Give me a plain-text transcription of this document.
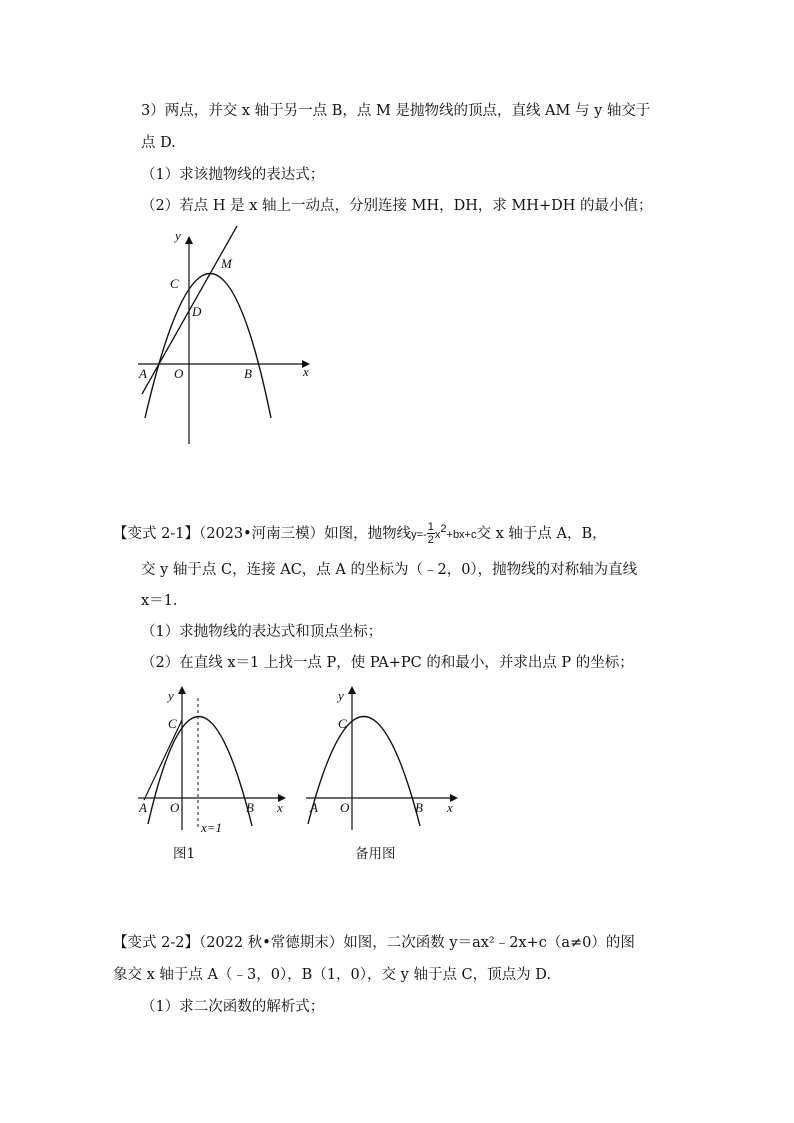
3）两点，并交 x 轴于另一点 B，点 M 是抛物线的顶点，直线 AM 与 y 轴交于
点 D.
（1）求该抛物线的表达式；
（2）若点 H 是 x 轴上一动点，分别连接 MH，DH，求 MH+DH 的最小值；
y
x
C
M
D
A O	B
【变式 2-1】（2023•河南三模）如图，抛物线$y=- \frac{1}{2} x^2+bx+c$交 x 轴于点 A，B，
交 y 轴于点 C，连接 AC，点 A 的坐标为（﹣2，0），抛物线的对称轴为直线
x＝1.
（1）求抛物线的表达式和顶点坐标；
（2）在直线 x＝1 上找一点 P，使 PA+PC 的和最小，并求出点 P 的坐标；
y
x
C
A O	B
x=1
图1
y
x
C
A O	B
备用图
【变式 2-2】（2022 秋•常德期末）如图，二次函数 y＝ax²﹣2x+c（a≠0）的图
象交 x 轴于点 A（﹣3，0），B（1，0），交 y 轴于点 C，顶点为 D.
（1）求二次函数的解析式；
